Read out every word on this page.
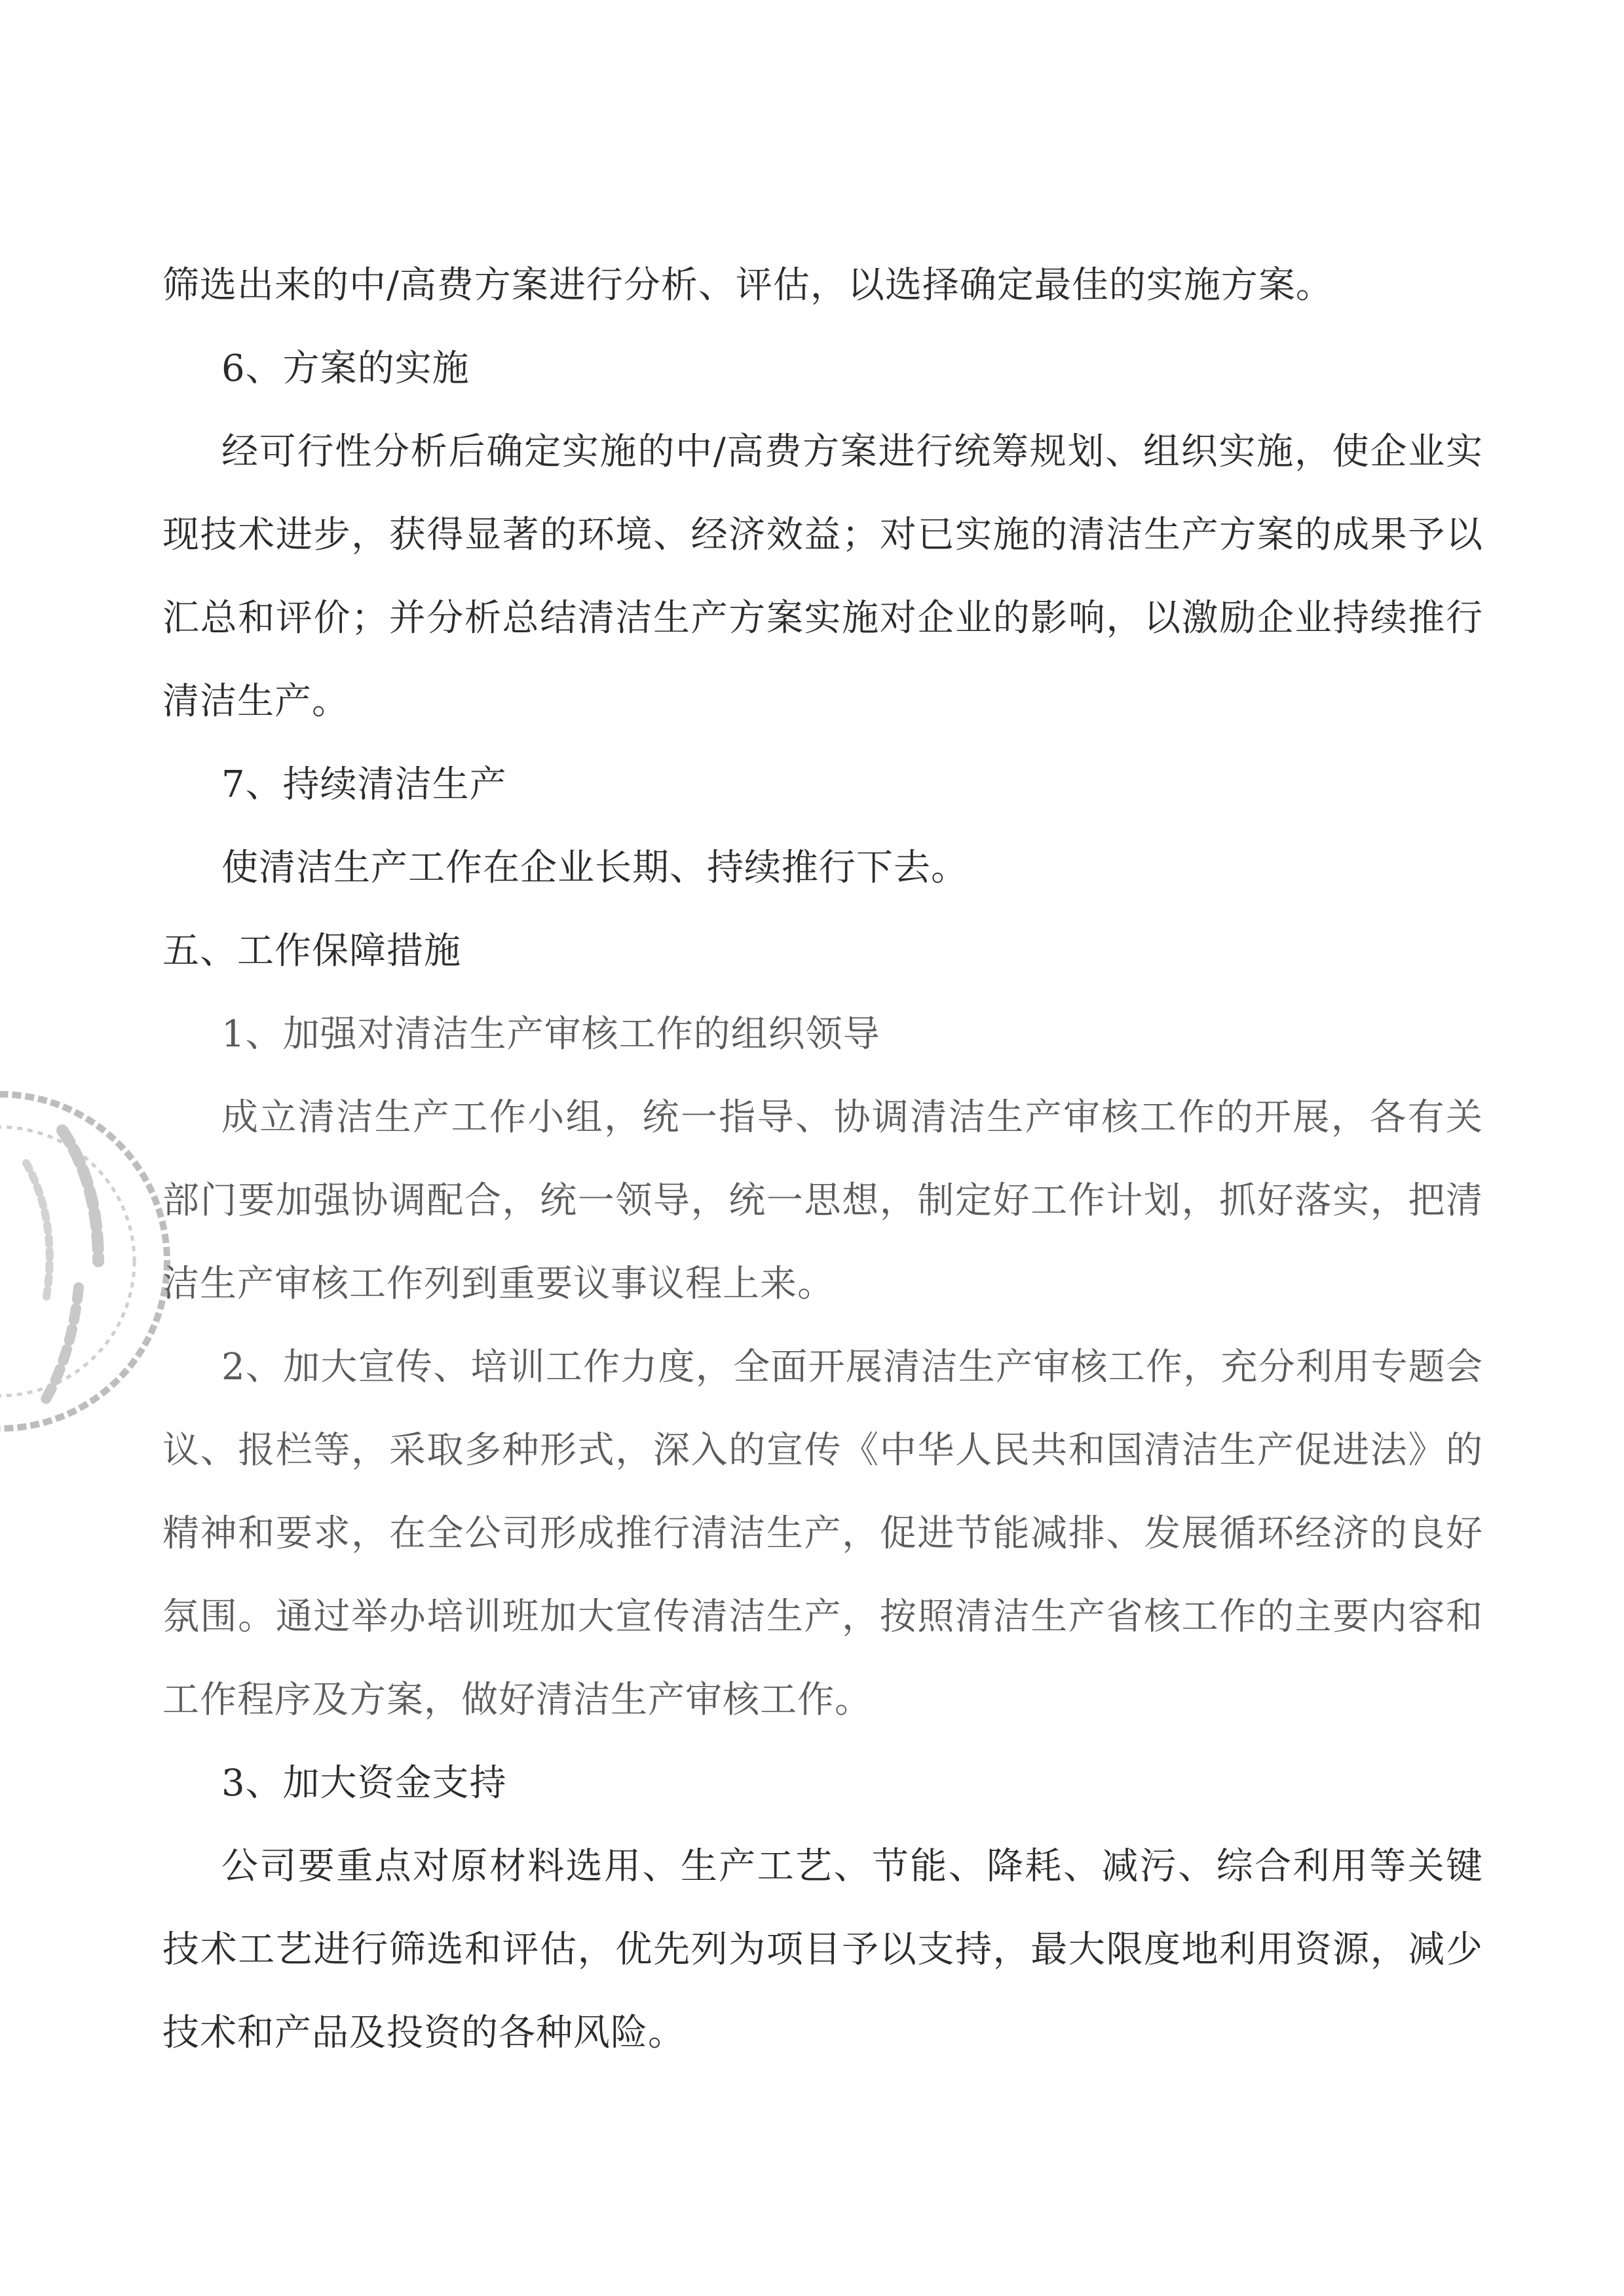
筛选出来的中/高费方案进行分析、评估，以选择确定最佳的实施方案。

6、方案的实施

经可行性分析后确定实施的中/高费方案进行统筹规划、组织实施，使企业实现技术进步，获得显著的环境、经济效益；对已实施的清洁生产方案的成果予以汇总和评价；并分析总结清洁生产方案实施对企业的影响，以激励企业持续推行清洁生产。

7、持续清洁生产

使清洁生产工作在企业长期、持续推行下去。

五、工作保障措施

1、加强对清洁生产审核工作的组织领导

成立清洁生产工作小组，统一指导、协调清洁生产审核工作的开展，各有关部门要加强协调配合，统一领导，统一思想，制定好工作计划，抓好落实，把清洁生产审核工作列到重要议事议程上来。

2、加大宣传、培训工作力度，全面开展清洁生产审核工作，充分利用专题会议、报栏等，采取多种形式，深入的宣传《中华人民共和国清洁生产促进法》的精神和要求，在全公司形成推行清洁生产，促进节能减排、发展循环经济的良好氛围。通过举办培训班加大宣传清洁生产，按照清洁生产省核工作的主要内容和工作程序及方案，做好清洁生产审核工作。

3、加大资金支持

公司要重点对原材料选用、生产工艺、节能、降耗、减污、综合利用等关键技术工艺进行筛选和评估，优先列为项目予以支持，最大限度地利用资源，减少技术和产品及投资的各种风险。
